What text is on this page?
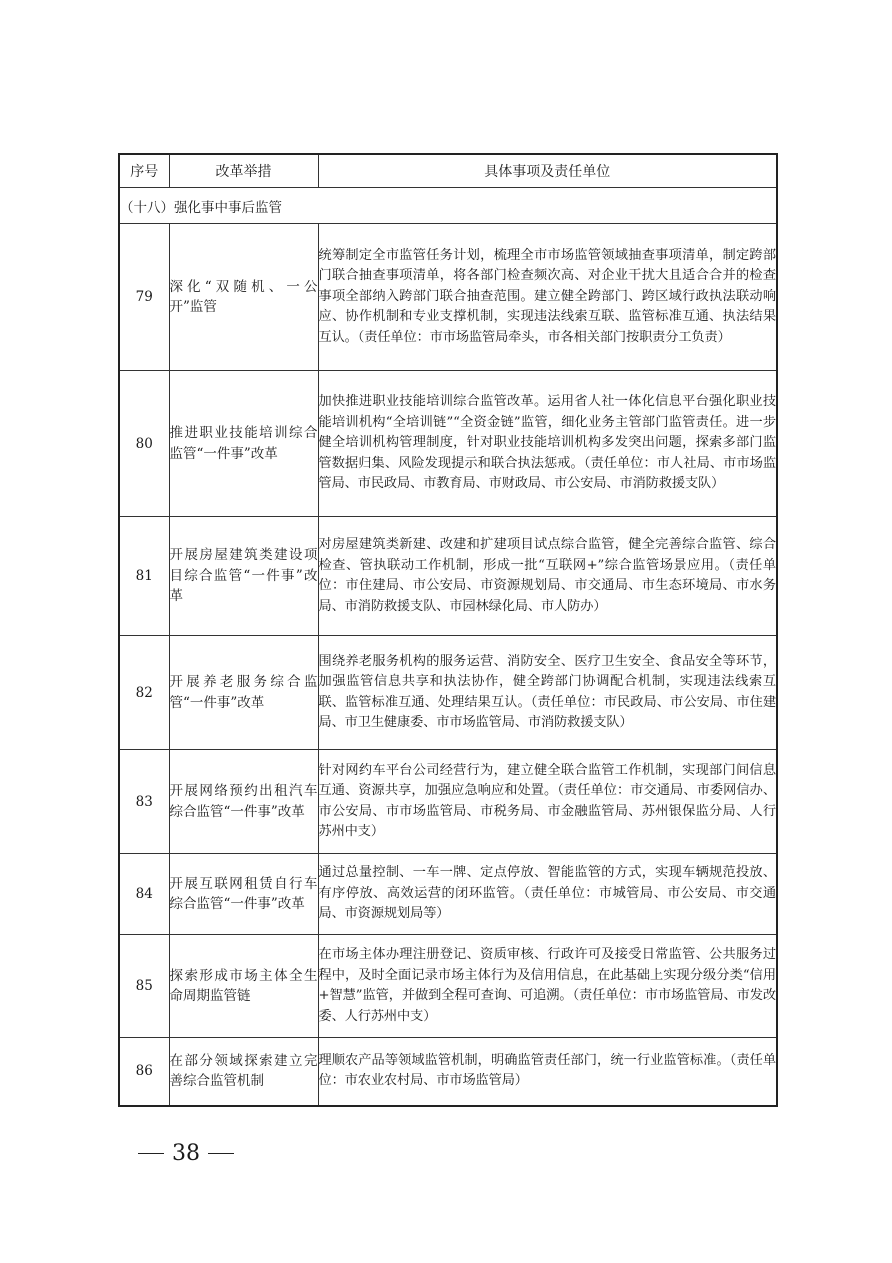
序号	改革举措	具体事项及责任单位
（十八）强化事中事后监管		
79	深化“双随机、一公开”监管	统筹制定全市监管任务计划，梳理全市市场监管领域抽查事项清单，制定跨部门联合抽查事项清单，将各部门检查频次高、对企业干扰大且适合合并的检查事项全部纳入跨部门联合抽查范围。建立健全跨部门、跨区域行政执法联动响应、协作机制和专业支撑机制，实现违法线索互联、监管标准互通、执法结果互认。（责任单位：市市场监管局牵头，市各相关部门按职责分工负责）
80	推进职业技能培训综合监管“一件事”改革	加快推进职业技能培训综合监管改革。运用省人社一体化信息平台强化职业技能培训机构“全培训链”“全资金链”监管，细化业务主管部门监管责任。进一步健全培训机构管理制度，针对职业技能培训机构多发突出问题，探索多部门监管数据归集、风险发现提示和联合执法惩戒。（责任单位：市人社局、市市场监管局、市民政局、市教育局、市财政局、市公安局、市消防救援支队）
81	开展房屋建筑类建设项目综合监管“一件事”改革	对房屋建筑类新建、改建和扩建项目试点综合监管，健全完善综合监管、综合检查、管执联动工作机制，形成一批“互联网+”综合监管场景应用。（责任单位：市住建局、市公安局、市资源规划局、市交通局、市生态环境局、市水务局、市消防救援支队、市园林绿化局、市人防办）
82	开展养老服务综合监管“一件事”改革	围绕养老服务机构的服务运营、消防安全、医疗卫生安全、食品安全等环节，加强监管信息共享和执法协作，健全跨部门协调配合机制，实现违法线索互联、监管标准互通、处理结果互认。（责任单位：市民政局、市公安局、市住建局、市卫生健康委、市市场监管局、市消防救援支队）
83	开展网络预约出租汽车综合监管“一件事”改革	针对网约车平台公司经营行为，建立健全联合监管工作机制，实现部门间信息互通、资源共享，加强应急响应和处置。（责任单位：市交通局、市委网信办、市公安局、市市场监管局、市税务局、市金融监管局、苏州银保监分局、人行苏州中支）
84	开展互联网租赁自行车综合监管“一件事”改革	通过总量控制、一车一牌、定点停放、智能监管的方式，实现车辆规范投放、有序停放、高效运营的闭环监管。（责任单位：市城管局、市公安局、市交通局、市资源规划局等）
85	探索形成市场主体全生命周期监管链	在市场主体办理注册登记、资质审核、行政许可及接受日常监管、公共服务过程中，及时全面记录市场主体行为及信用信息，在此基础上实现分级分类“信用+智慧”监管，并做到全程可查询、可追溯。（责任单位：市市场监管局、市发改委、人行苏州中支）
86	在部分领域探索建立完善综合监管机制	理顺农产品等领域监管机制，明确监管责任部门，统一行业监管标准。（责任单位：市农业农村局、市市场监管局）
38
